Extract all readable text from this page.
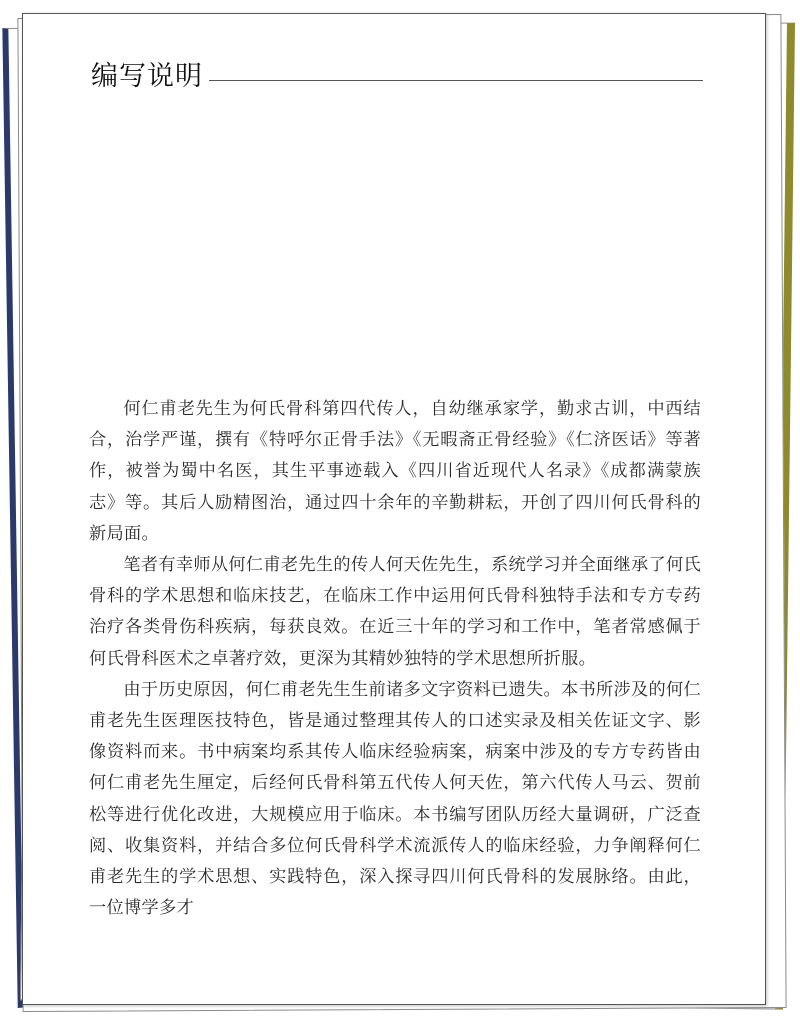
编写说明

何仁甫老先生为何氏骨科第四代传人，自幼继承家学，勤求古训，中西结合，治学严谨，撰有《特呼尔正骨手法》《无暇斋正骨经验》《仁济医话》等著作，被誉为蜀中名医，其生平事迹载入《四川省近现代人名录》《成都满蒙族志》等。其后人励精图治，通过四十余年的辛勤耕耘，开创了四川何氏骨科的新局面。

笔者有幸师从何仁甫老先生的传人何天佐先生，系统学习并全面继承了何氏骨科的学术思想和临床技艺，在临床工作中运用何氏骨科独特手法和专方专药治疗各类骨伤科疾病，每获良效。在近三十年的学习和工作中，笔者常感佩于何氏骨科医术之卓著疗效，更深为其精妙独特的学术思想所折服。

由于历史原因，何仁甫老先生生前诸多文字资料已遗失。本书所涉及的何仁甫老先生医理医技特色，皆是通过整理其传人的口述实录及相关佐证文字、影像资料而来。书中病案均系其传人临床经验病案，病案中涉及的专方专药皆由何仁甫老先生厘定，后经何氏骨科第五代传人何天佐，第六代传人马云、贺前松等进行优化改进，大规模应用于临床。本书编写团队历经大量调研，广泛查阅、收集资料，并结合多位何氏骨科学术流派传人的临床经验，力争阐释何仁甫老先生的学术思想、实践特色，深入探寻四川何氏骨科的发展脉络。由此，一位博学多才
